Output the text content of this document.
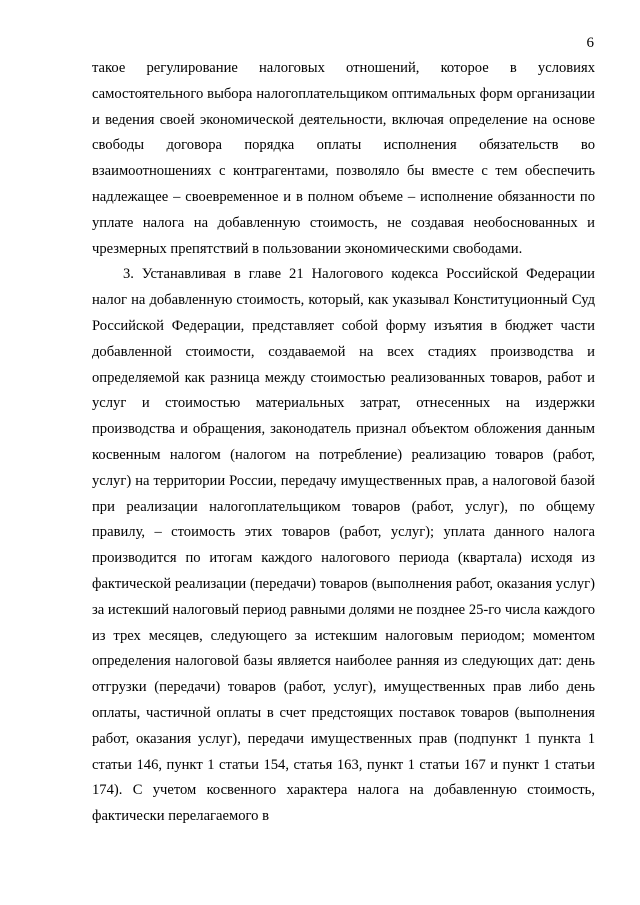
6

такое регулирование налоговых отношений, которое в условиях самостоятельного выбора налогоплательщиком оптимальных форм организации и ведения своей экономической деятельности, включая определение на основе свободы договора порядка оплаты исполнения обязательств во взаимоотношениях с контрагентами, позволяло бы вместе с тем обеспечить надлежащее – своевременное и в полном объеме – исполнение обязанности по уплате налога на добавленную стоимость, не создавая необоснованных и чрезмерных препятствий в пользовании экономическими свободами.

3. Устанавливая в главе 21 Налогового кодекса Российской Федерации налог на добавленную стоимость, который, как указывал Конституционный Суд Российской Федерации, представляет собой форму изъятия в бюджет части добавленной стоимости, создаваемой на всех стадиях производства и определяемой как разница между стоимостью реализованных товаров, работ и услуг и стоимостью материальных затрат, отнесенных на издержки производства и обращения, законодатель признал объектом обложения данным косвенным налогом (налогом на потребление) реализацию товаров (работ, услуг) на территории России, передачу имущественных прав, а налоговой базой при реализации налогоплательщиком товаров (работ, услуг), по общему правилу, – стоимость этих товаров (работ, услуг); уплата данного налога производится по итогам каждого налогового периода (квартала) исходя из фактической реализации (передачи) товаров (выполнения работ, оказания услуг) за истекший налоговый период равными долями не позднее 25-го числа каждого из трех месяцев, следующего за истекшим налоговым периодом; моментом определения налоговой базы является наиболее ранняя из следующих дат: день отгрузки (передачи) товаров (работ, услуг), имущественных прав либо день оплаты, частичной оплаты в счет предстоящих поставок товаров (выполнения работ, оказания услуг), передачи имущественных прав (подпункт 1 пункта 1 статьи 146, пункт 1 статьи 154, статья 163, пункт 1 статьи 167 и пункт 1 статьи 174). С учетом косвенного характера налога на добавленную стоимость, фактически перелагаемого в
